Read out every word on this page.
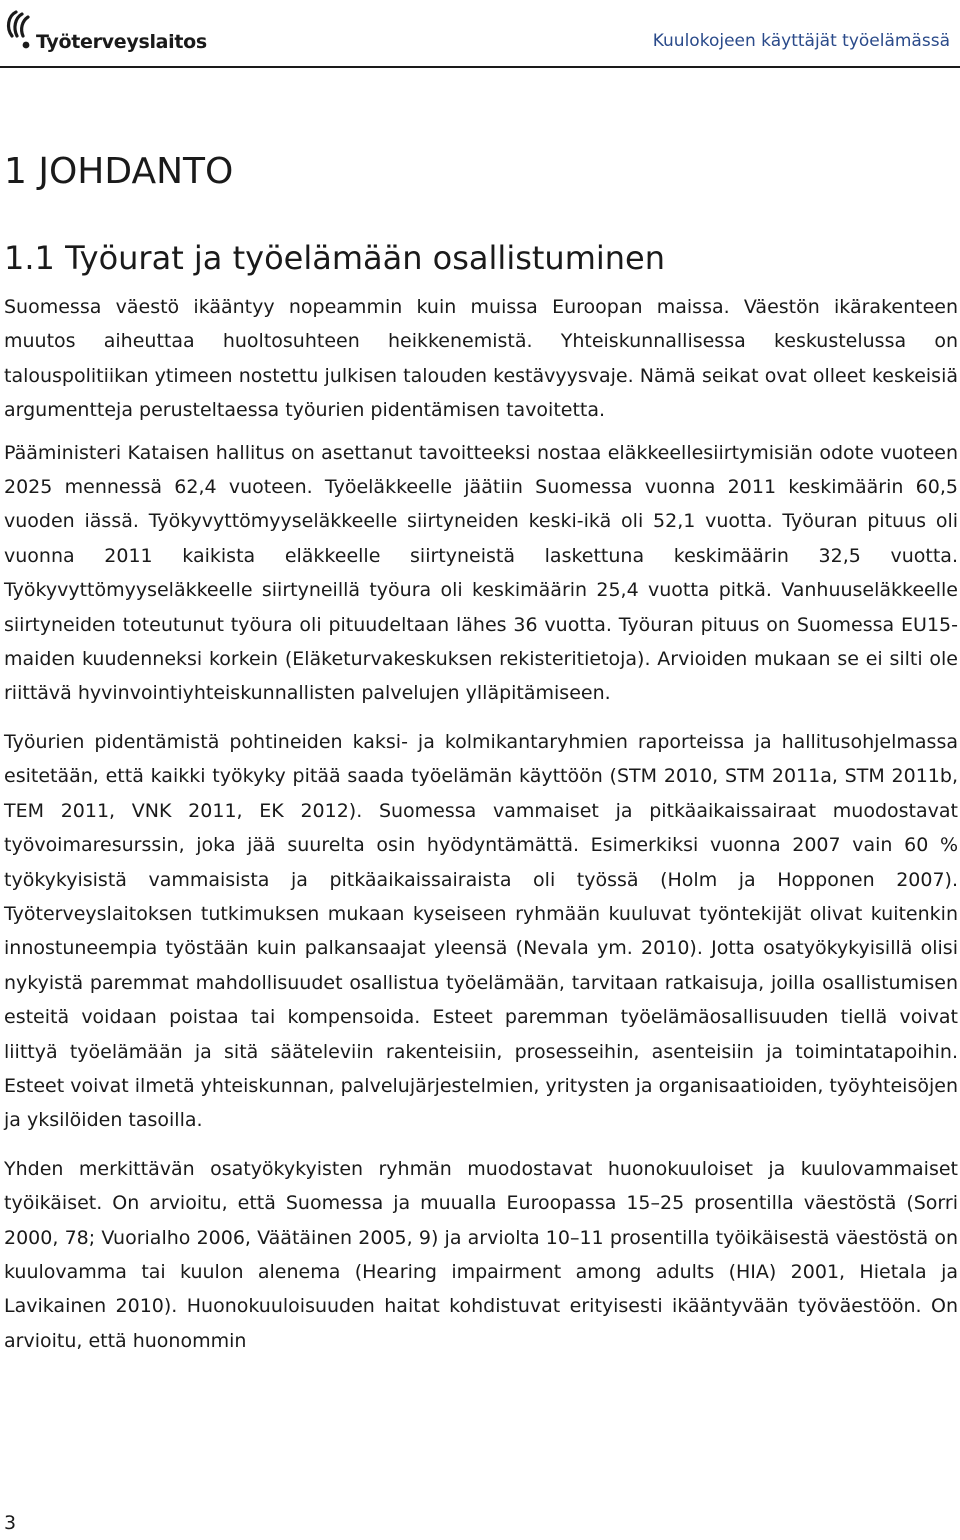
Työterveyslaitos	Kuulokojeen käyttäjät työelämässä
1 JOHDANTO
1.1 Työurat ja työelämään osallistuminen

Suomessa väestö ikääntyy nopeammin kuin muissa Euroopan maissa. Väestön ikärakenteen muutos aiheuttaa huoltosuhteen heikkenemistä. Yhteiskunnallisessa keskustelussa on talouspolitiikan ytimeen nostettu julkisen talouden kestävyysvaje. Nämä seikat ovat olleet keskeisiä argumentteja perusteltaessa työurien pidentämisen tavoitetta.

Pääministeri Kataisen hallitus on asettanut tavoitteeksi nostaa eläkkeellesiirtymisiän odote vuoteen 2025 mennessä 62,4 vuoteen. Työeläkkeelle jäätiin Suomessa vuonna 2011 keskimäärin 60,5 vuoden iässä. Työkyvyttömyyseläkkeelle siirtyneiden keski-ikä oli 52,1 vuotta. Työuran pituus oli vuonna 2011 kaikista eläkkeelle siirtyneistä laskettuna keskimäärin 32,5 vuotta. Työkyvyttömyyseläkkeelle siirtyneillä työura oli keskimäärin 25,4 vuotta pitkä. Vanhuuseläkkeelle siirtyneiden toteutunut työura oli pituudeltaan lähes 36 vuotta. Työuran pituus on Suomessa EU15-maiden kuudenneksi korkein (Eläketurvakeskuksen rekisteritietoja). Arvioiden mukaan se ei silti ole riittävä hyvinvointiyhteiskunnallisten palvelujen ylläpitämiseen.

Työurien pidentämistä pohtineiden kaksi- ja kolmikantaryhmien raporteissa ja hallitusohjelmassa esitetään, että kaikki työkyky pitää saada työelämän käyttöön (STM 2010, STM 2011a, STM 2011b, TEM 2011, VNK 2011, EK 2012). Suomessa vammaiset ja pitkäaikaissairaat muodostavat työvoimaresurssin, joka jää suurelta osin hyödyntämättä. Esimerkiksi vuonna 2007 vain 60 % työkykyisistä vammaisista ja pitkäaikaissairaista oli työssä (Holm ja Hopponen 2007). Työterveyslaitoksen tutkimuksen mukaan kyseiseen ryhmään kuuluvat työntekijät olivat kuitenkin innostuneempia työstään kuin palkansaajat yleensä (Nevala ym. 2010). Jotta osatyökykyisillä olisi nykyistä paremmat mahdollisuudet osallistua työelämään, tarvitaan ratkaisuja, joilla osallistumisen esteitä voidaan poistaa tai kompensoida. Esteet paremman työelämäosallisuuden tiellä voivat liittyä työelämään ja sitä sääteleviin rakenteisiin, prosesseihin, asenteisiin ja toimintatapoihin. Esteet voivat ilmetä yhteiskunnan, palvelujärjestelmien, yritysten ja organisaatioiden, työyhteisöjen ja yksilöiden tasoilla.

Yhden merkittävän osatyökykyisten ryhmän muodostavat huonokuuloiset ja kuulovammaiset työikäiset. On arvioitu, että Suomessa ja muualla Euroopassa 15–25 prosentilla väestöstä (Sorri 2000, 78; Vuorialho 2006, Väätäinen 2005, 9) ja arviolta 10–11 prosentilla työikäisestä väestöstä on kuulovamma tai kuulon alenema (Hearing impairment among adults (HIA) 2001, Hietala ja Lavikainen 2010). Huonokuuloisuuden haitat kohdistuvat erityisesti ikääntyvään työväestöön. On arvioitu, että huonommin

3
